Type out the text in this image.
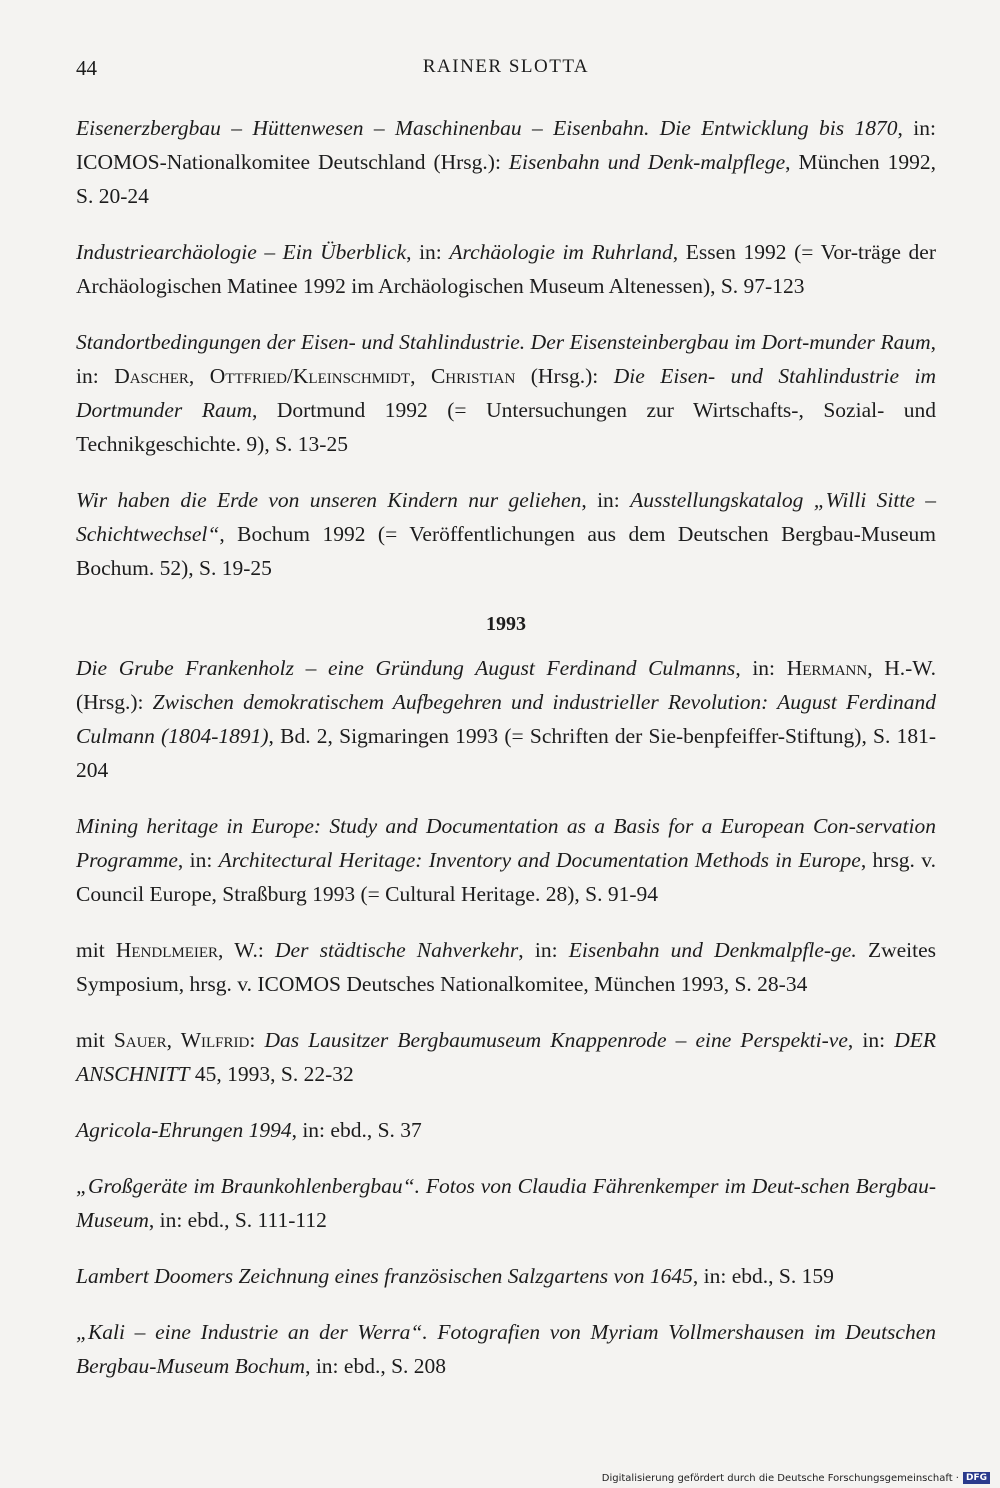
44	RAINER SLOTTA

Eisenerzbergbau – Hüttenwesen – Maschinenbau – Eisenbahn. Die Entwicklung bis 1870, in: ICOMOS-Nationalkomitee Deutschland (Hrsg.): Eisenbahn und Denk-malpflege, München 1992, S. 20-24

Industriearchäologie – Ein Überblick, in: Archäologie im Ruhrland, Essen 1992 (= Vor-träge der Archäologischen Matinee 1992 im Archäologischen Museum Altenessen), S. 97-123

Standortbedingungen der Eisen- und Stahlindustrie. Der Eisensteinbergbau im Dort-munder Raum, in: Dascher, Ottfried/Kleinschmidt, Christian (Hrsg.): Die Eisen- und Stahlindustrie im Dortmunder Raum, Dortmund 1992 (= Untersuchungen zur Wirtschafts-, Sozial- und Technikgeschichte. 9), S. 13-25

Wir haben die Erde von unseren Kindern nur geliehen, in: Ausstellungskatalog „Willi Sitte – Schichtwechsel“, Bochum 1992 (= Veröffentlichungen aus dem Deutschen Bergbau-Museum Bochum. 52), S. 19-25

1993

Die Grube Frankenholz – eine Gründung August Ferdinand Culmanns, in: Hermann, H.-W. (Hrsg.): Zwischen demokratischem Aufbegehren und industrieller Revolution: August Ferdinand Culmann (1804-1891), Bd. 2, Sigmaringen 1993 (= Schriften der Sie-benpfeiffer-Stiftung), S. 181-204

Mining heritage in Europe: Study and Documentation as a Basis for a European Con-servation Programme, in: Architectural Heritage: Inventory and Documentation Methods in Europe, hrsg. v. Council Europe, Straßburg 1993 (= Cultural Heritage. 28), S. 91-94

mit Hendlmeier, W.: Der städtische Nahverkehr, in: Eisenbahn und Denkmalpfle-ge. Zweites Symposium, hrsg. v. ICOMOS Deutsches Nationalkomitee, München 1993, S. 28-34

mit Sauer, Wilfrid: Das Lausitzer Bergbaumuseum Knappenrode – eine Perspekti-ve, in: DER ANSCHNITT 45, 1993, S. 22-32

Agricola-Ehrungen 1994, in: ebd., S. 37

„Großgeräte im Braunkohlenbergbau“. Fotos von Claudia Fährenkemper im Deut-schen Bergbau-Museum, in: ebd., S. 111-112

Lambert Doomers Zeichnung eines französischen Salzgartens von 1645, in: ebd., S. 159

„Kali – eine Industrie an der Werra“. Fotografien von Myriam Vollmershausen im Deutschen Bergbau-Museum Bochum, in: ebd., S. 208

Digitalisierung gefördert durch die Deutsche Forschungsgemeinschaft · DFG
